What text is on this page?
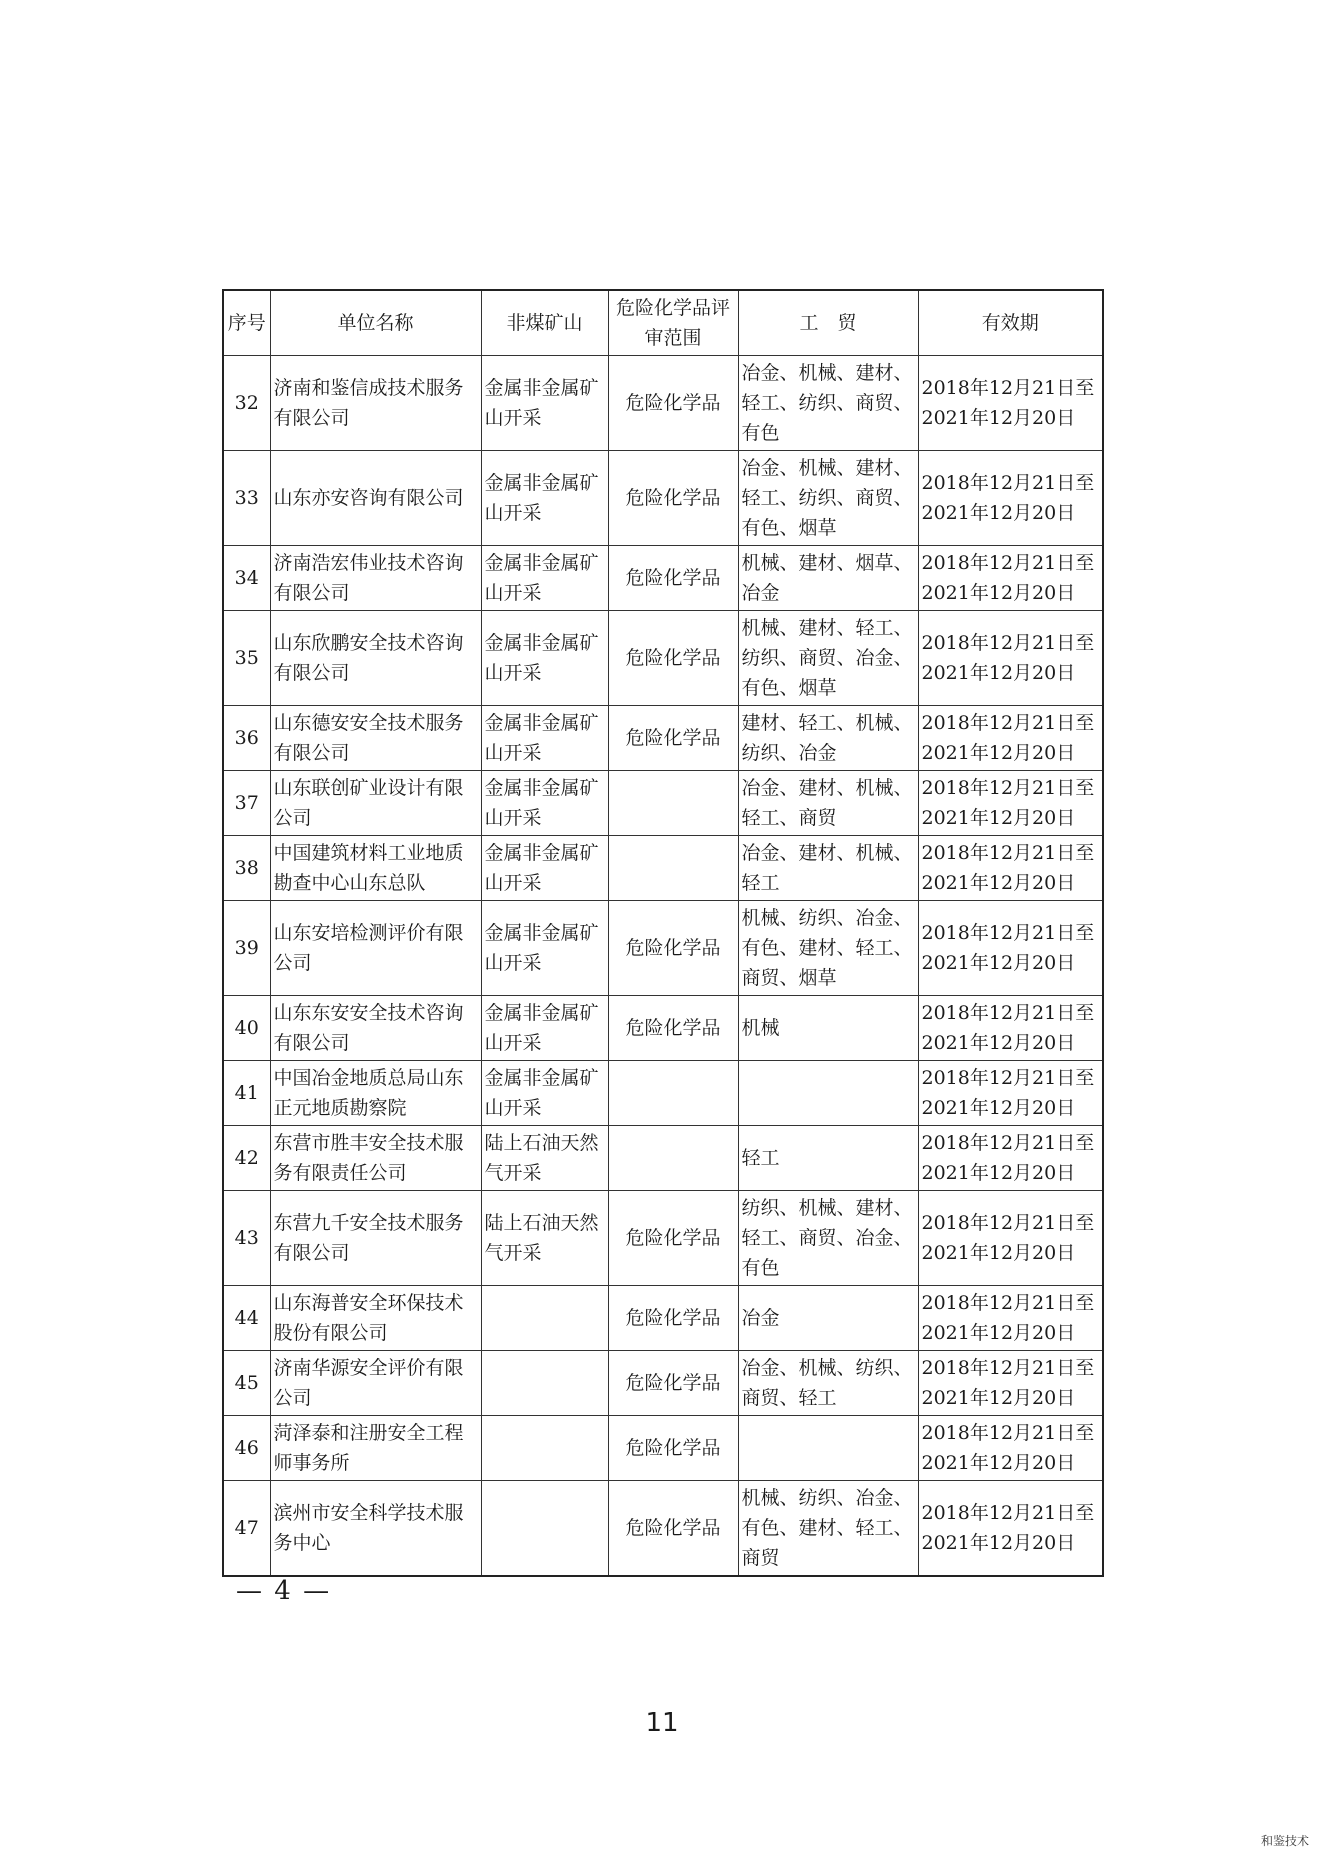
序号	单位名称	非煤矿山	危险化学品评审范围	工　贸	有效期
32	济南和鉴信成技术服务有限公司	金属非金属矿山开采	危险化学品	冶金、机械、建材、轻工、纺织、商贸、有色	2018年12月21日至
2021年12月20日

33	山东亦安咨询有限公司	金属非金属矿山开采	危险化学品	冶金、机械、建材、轻工、纺织、商贸、有色、烟草	2018年12月21日至
2021年12月20日

34	济南浩宏伟业技术咨询有限公司	金属非金属矿山开采	危险化学品	机械、建材、烟草、冶金	2018年12月21日至
2021年12月20日

35	山东欣鹏安全技术咨询有限公司	金属非金属矿山开采	危险化学品	机械、建材、轻工、纺织、商贸、冶金、有色、烟草	2018年12月21日至
2021年12月20日

36	山东德安安全技术服务有限公司	金属非金属矿山开采	危险化学品	建材、轻工、机械、纺织、冶金	2018年12月21日至
2021年12月20日

37	山东联创矿业设计有限公司	金属非金属矿山开采		冶金、建材、机械、轻工、商贸	2018年12月21日至
2021年12月20日

38	中国建筑材料工业地质勘查中心山东总队	金属非金属矿山开采		冶金、建材、机械、轻工	2018年12月21日至
2021年12月20日

39	山东安培检测评价有限公司	金属非金属矿山开采	危险化学品	机械、纺织、冶金、有色、建材、轻工、商贸、烟草	2018年12月21日至
2021年12月20日

40	山东东安安全技术咨询有限公司	金属非金属矿山开采	危险化学品	机械	2018年12月21日至
2021年12月20日

41	中国冶金地质总局山东正元地质勘察院	金属非金属矿山开采			2018年12月21日至
2021年12月20日

42	东营市胜丰安全技术服务有限责任公司	陆上石油天然气开采		轻工	2018年12月21日至
2021年12月20日

43	东营九千安全技术服务有限公司	陆上石油天然气开采	危险化学品	纺织、机械、建材、轻工、商贸、冶金、有色	2018年12月21日至
2021年12月20日

44	山东海普安全环保技术股份有限公司		危险化学品	冶金	2018年12月21日至
2021年12月20日

45	济南华源安全评价有限公司		危险化学品	冶金、机械、纺织、商贸、轻工	2018年12月21日至
2021年12月20日

46	菏泽泰和注册安全工程师事务所		危险化学品		2018年12月21日至
2021年12月20日

47	滨州市安全科学技术服务中心		危险化学品	机械、纺织、冶金、有色、建材、轻工、商贸	2018年12月21日至
2021年12月20日
— 4 —
11
和鉴技术
